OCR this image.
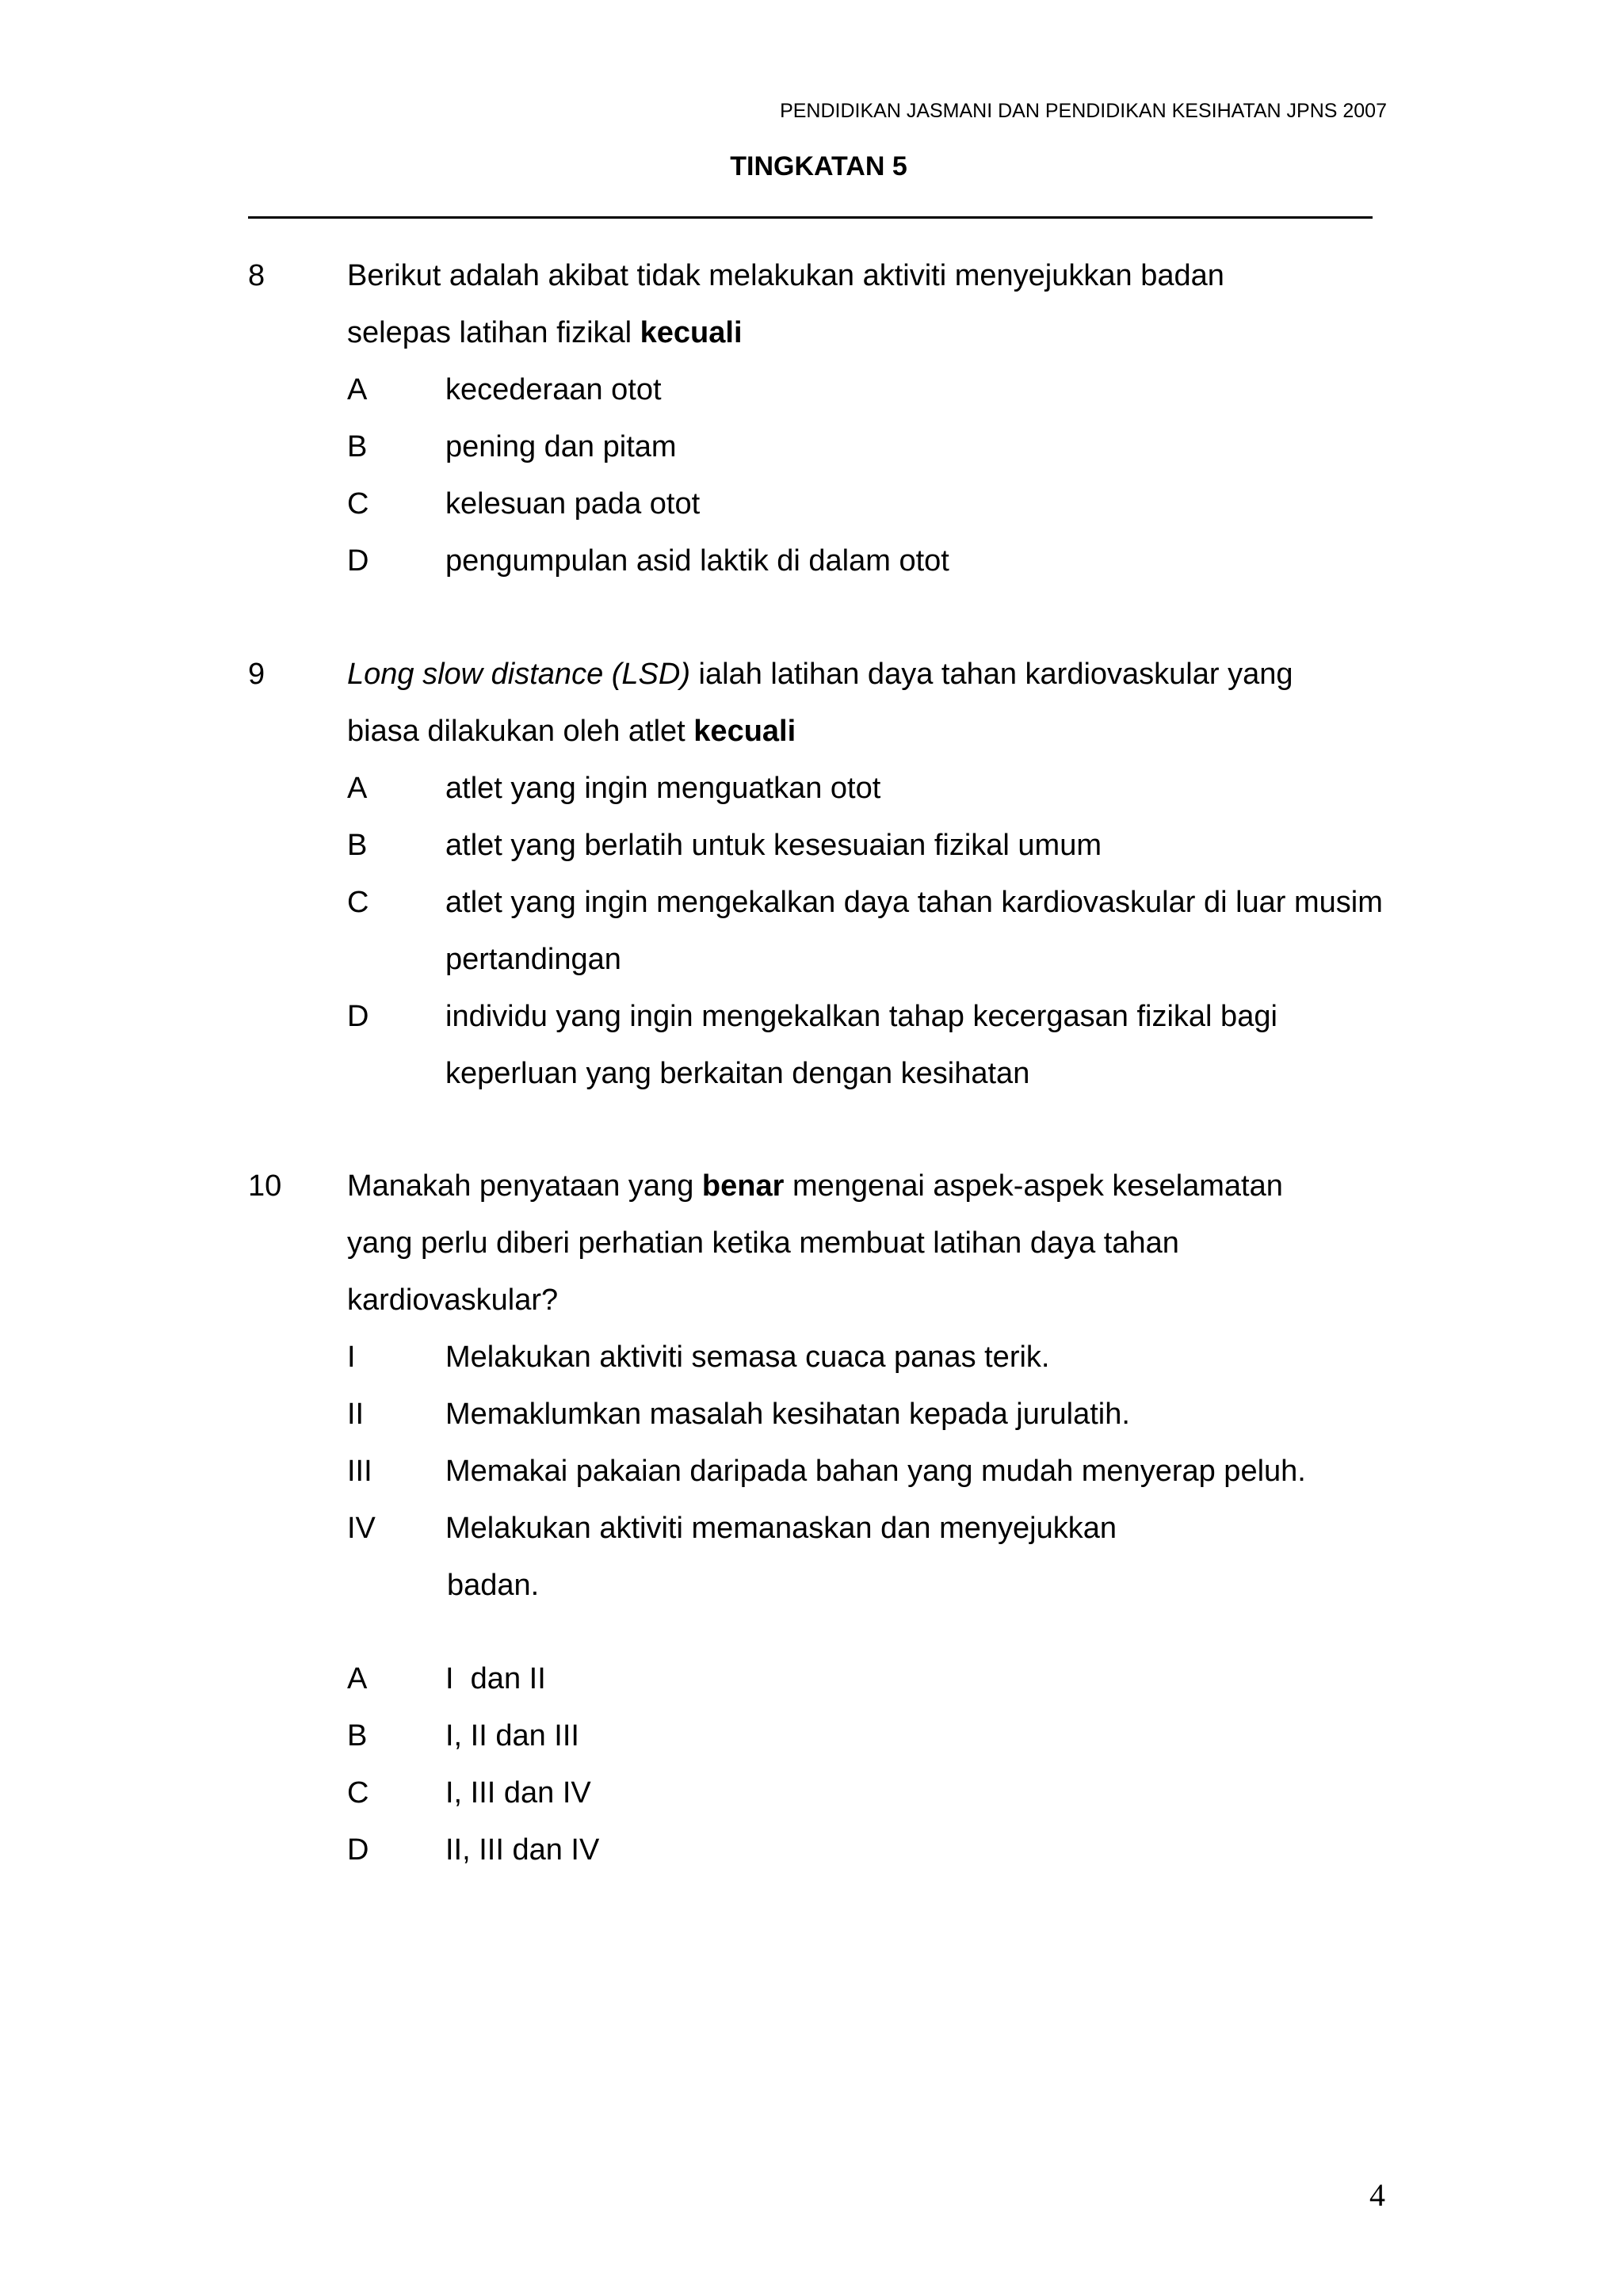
PENDIDIKAN JASMANI DAN PENDIDIKAN KESIHATAN JPNS 2007
TINGKATAN 5
8	Berikut adalah akibat tidak melakukan aktiviti menyejukkan badan
selepas latihan fizikal kecuali
A	kecederaan otot
B	pening dan pitam
C	kelesuan pada otot
D	pengumpulan asid laktik di dalam otot
9	Long slow distance (LSD) ialah latihan daya tahan kardiovaskular yang
biasa dilakukan oleh atlet kecuali
A	atlet yang ingin menguatkan otot
B	atlet yang berlatih untuk kesesuaian fizikal umum
C	atlet yang ingin mengekalkan daya tahan kardiovaskular di luar musim pertandingan
D	individu yang ingin mengekalkan tahap kecergasan fizikal bagi keperluan yang berkaitan dengan kesihatan
10	Manakah penyataan yang benar mengenai aspek-aspek keselamatan
yang perlu diberi perhatian ketika membuat latihan daya tahan
kardiovaskular?
I	Melakukan aktiviti semasa cuaca panas terik.
II	Memaklumkan masalah kesihatan kepada jurulatih.
III	Memakai pakaian daripada bahan yang mudah menyerap peluh.
IV	Melakukan aktiviti memanaskan dan menyejukkan
badan.
A	I  dan II
B	I, II dan III
C	I, III dan IV
D	II, III dan IV
4
